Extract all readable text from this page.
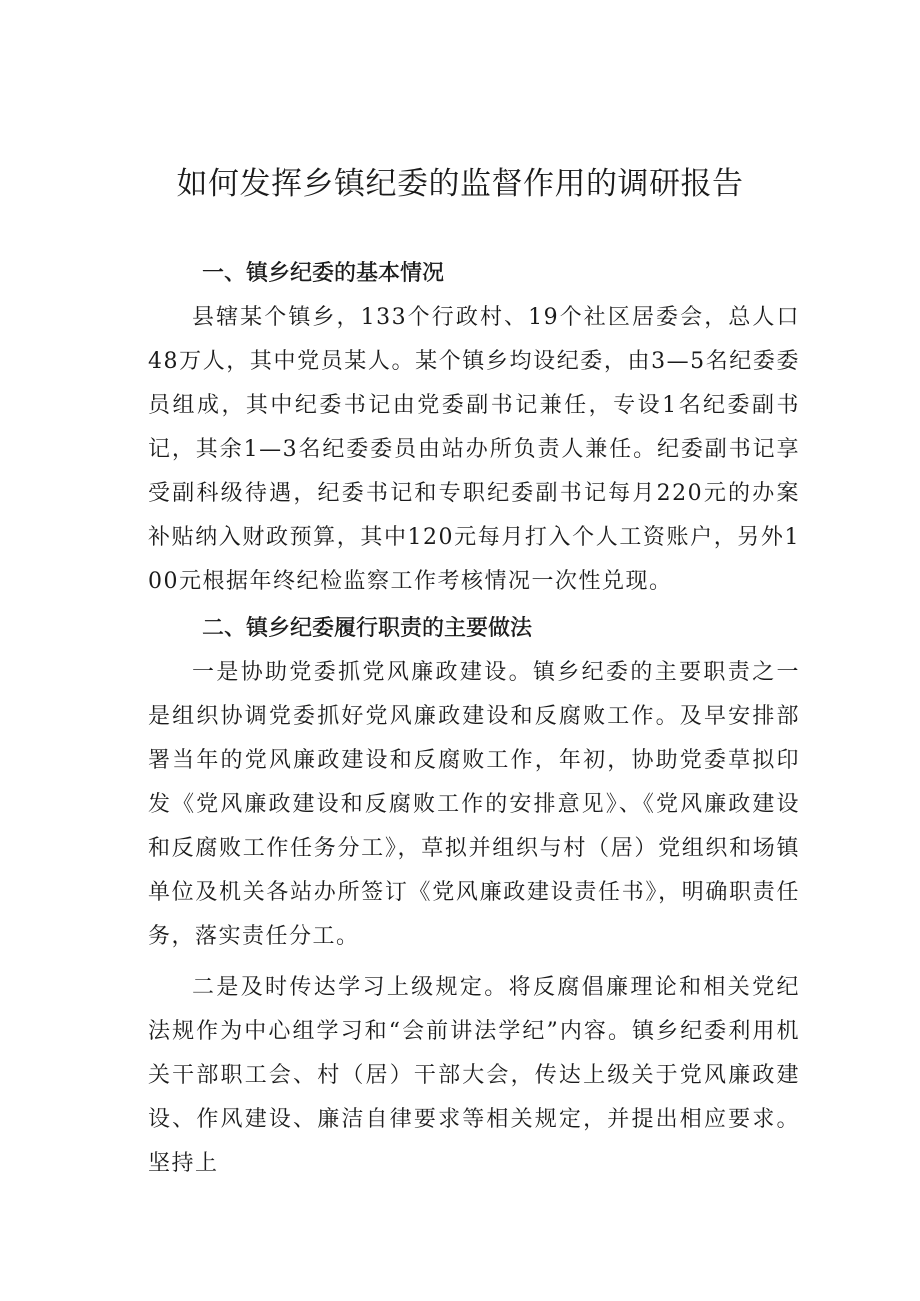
如何发挥乡镇纪委的监督作用的调研报告
一、镇乡纪委的基本情况

县辖某个镇乡，133个行政村、19个社区居委会，总人口48万人，其中党员某人。某个镇乡均设纪委，由3—5名纪委委员组成，其中纪委书记由党委副书记兼任，专设1名纪委副书记，其余1—3名纪委委员由站办所负责人兼任。纪委副书记享受副科级待遇，纪委书记和专职纪委副书记每月220元的办案补贴纳入财政预算，其中120元每月打入个人工资账户，另外100元根据年终纪检监察工作考核情况一次性兑现。

二、镇乡纪委履行职责的主要做法

一是协助党委抓党风廉政建设。镇乡纪委的主要职责之一是组织协调党委抓好党风廉政建设和反腐败工作。及早安排部署当年的党风廉政建设和反腐败工作，年初，协助党委草拟印发《党风廉政建设和反腐败工作的安排意见》、《党风廉政建设和反腐败工作任务分工》，草拟并组织与村（居）党组织和场镇单位及机关各站办所签订《党风廉政建设责任书》，明确职责任务，落实责任分工。

二是及时传达学习上级规定。将反腐倡廉理论和相关党纪法规作为中心组学习和“会前讲法学纪”内容。镇乡纪委利用机关干部职工会、村（居）干部大会，传达上级关于党风廉政建设、作风建设、廉洁自律要求等相关规定，并提出相应要求。坚持上
